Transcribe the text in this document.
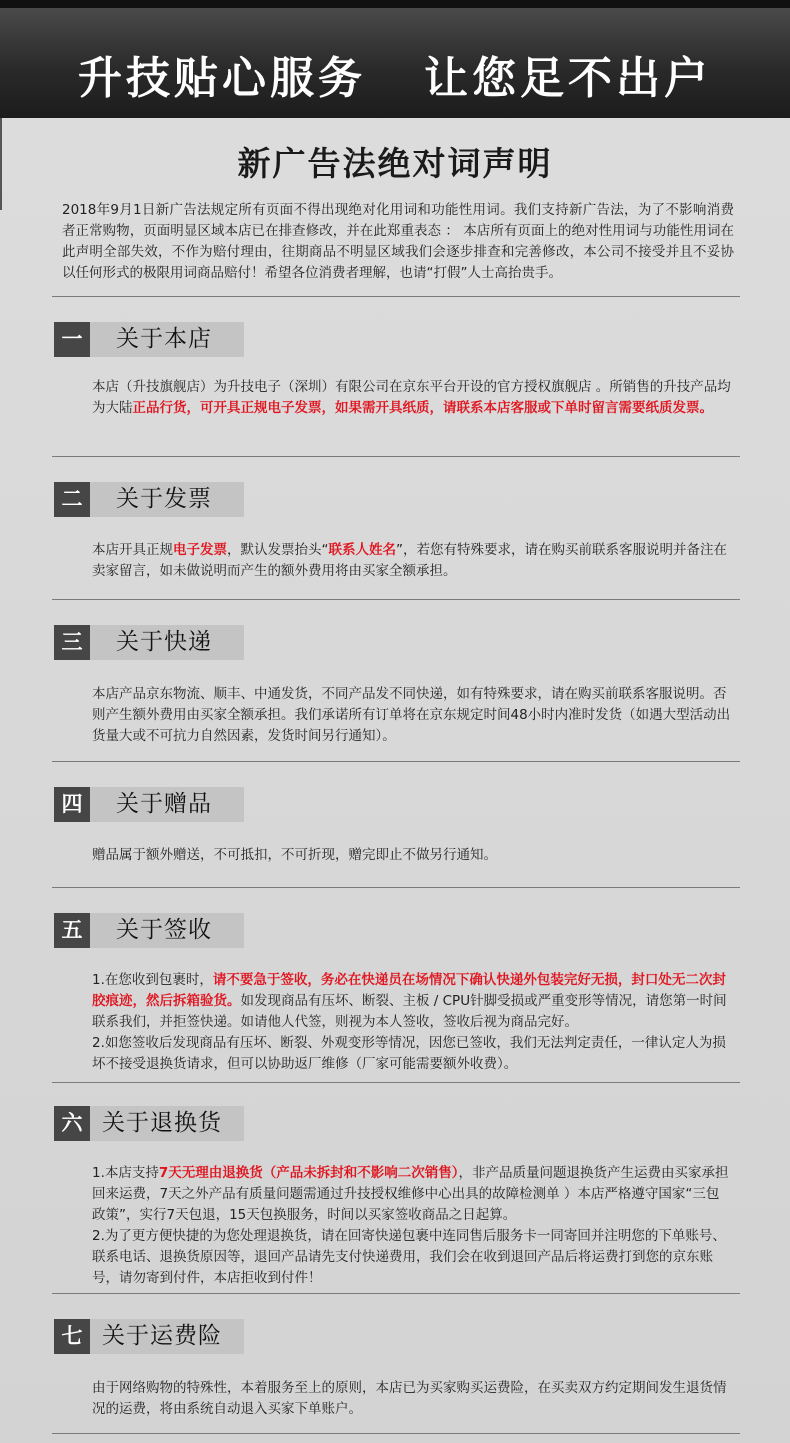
升技贴心服务   让您足不出户
新广告法绝对词声明
2018年9月1日新广告法规定所有页面不得出现绝对化用词和功能性用词。我们支持新广告法，为了不影响消费者正常购物，页面明显区域本店已在排查修改，并在此郑重表态 ： 本店所有页面上的绝对性用词与功能性用词在此声明全部失效，不作为赔付理由，往期商品不明显区域我们会逐步排查和完善修改，本公司不接受并且不妥协以任何形式的极限用词商品赔付！希望各位消费者理解，也请“打假”人士高抬贵手。
一	关于本店
本店（升技旗舰店）为升技电子（深圳）有限公司在京东平台开设的官方授权旗舰店 。所销售的升技产品均为大陆正品行货，可开具正规电子发票，如果需开具纸质，请联系本店客服或下单时留言需要纸质发票。
二	关于发票
本店开具正规电子发票，默认发票抬头“联系人姓名”，若您有特殊要求，请在购买前联系客服说明并备注在卖家留言，如未做说明而产生的额外费用将由买家全额承担。
三	关于快递
本店产品京东物流、顺丰、中通发货，不同产品发不同快递，如有特殊要求，请在购买前联系客服说明。否则产生额外费用由买家全额承担。我们承诺所有订单将在京东规定时间48小时内准时发货（如遇大型活动出货量大或不可抗力自然因素，发货时间另行通知）。
四	关于赠品
赠品属于额外赠送，不可抵扣，不可折现，赠完即止不做另行通知。
五	关于签收
1.在您收到包裹时，请不要急于签收，务必在快递员在场情况下确认快递外包装完好无损，封口处无二次封胶痕迹，然后拆箱验货。如发现商品有压坏、断裂、主板 / CPU针脚受损或严重变形等情况，请您第一时间联系我们，并拒签快递。如请他人代签，则视为本人签收，签收后视为商品完好。
2.如您签收后发现商品有压坏、断裂、外观变形等情况，因您已签收，我们无法判定责任，一律认定人为损坏不接受退换货请求，但可以协助返厂维修（厂家可能需要额外收费）。
六 关于退换货
1.本店支持7天无理由退换货（产品未拆封和不影响二次销售），非产品质量问题退换货产生运费由买家承担回来运费，7天之外产品有质量问题需通过升技授权维修中心出具的故障检测单 ）本店严格遵守国家“三包政策”，实行7天包退，15天包换服务，时间以买家签收商品之日起算。
2.为了更方便快捷的为您处理退换货，请在回寄快递包裹中连同售后服务卡一同寄回并注明您的下单账号、联系电话、退换货原因等，退回产品请先支付快递费用，我们会在收到退回产品后将运费打到您的京东账号，请勿寄到付件，本店拒收到付件！
七 关于运费险
由于网络购物的特殊性，本着服务至上的原则，本店已为买家购买运费险，在买卖双方约定期间发生退货情况的运费，将由系统自动退入买家下单账户。
